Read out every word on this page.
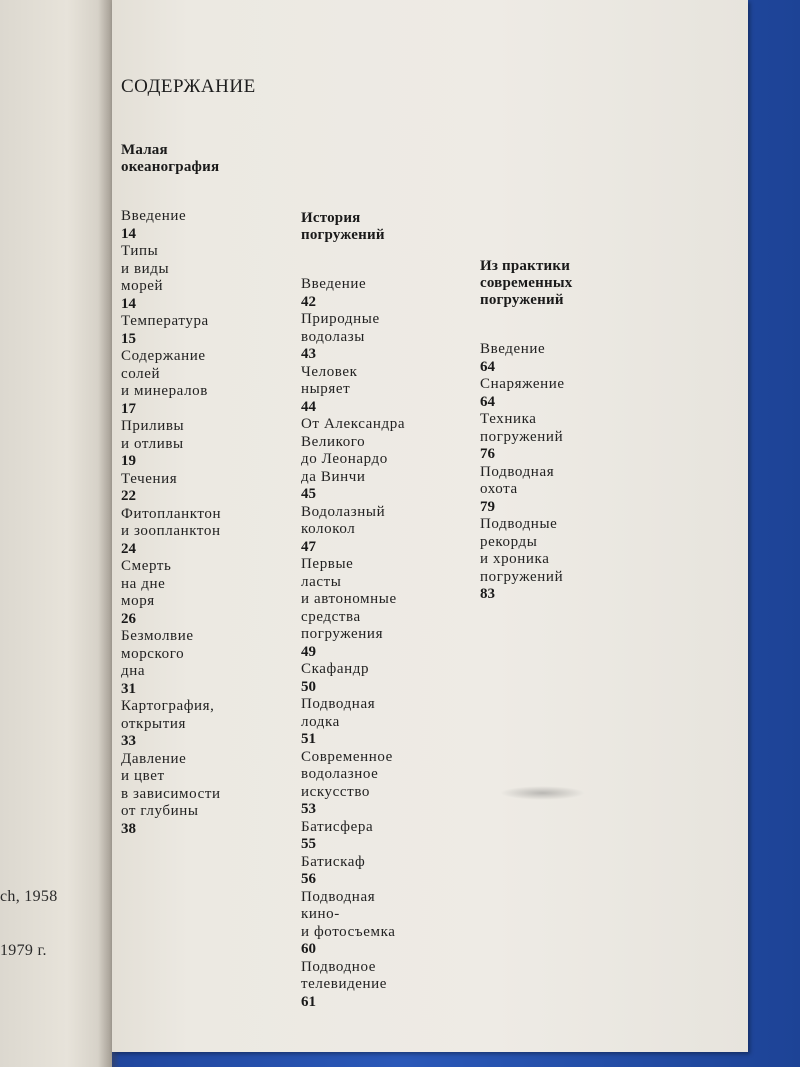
ch, 1958
1979 г.
СОДЕРЖАНИЕ
Малая
океанография
Введение
14
Типы
и виды
морей
14
Температура
15
Содержание
солей
и минералов
17
Приливы
и отливы
19
Течения
22
Фитопланктон
и зоопланктон
24
Смерть
на дне
моря
26
Безмолвие
морского
дна
31
Картография,
открытия
33
Давление
и цвет
в зависимости
от глубины
38
История
погружений
Введение
42
Природные
водолазы
43
Человек
ныряет
44
От Александра
Великого
до Леонардо
да Винчи
45
Водолазный
колокол
47
Первые
ласты
и автономные
средства
погружения
49
Скафандр
50
Подводная
лодка
51
Современное
водолазное
искусство
53
Батисфера
55
Батискаф
56
Подводная
кино-
и фотосъемка
60
Подводное
телевидение
61
Из практики
современных
погружений
Введение
64
Снаряжение
64
Техника
погружений
76
Подводная
охота
79
Подводные
рекорды
и хроника
погружений
83
